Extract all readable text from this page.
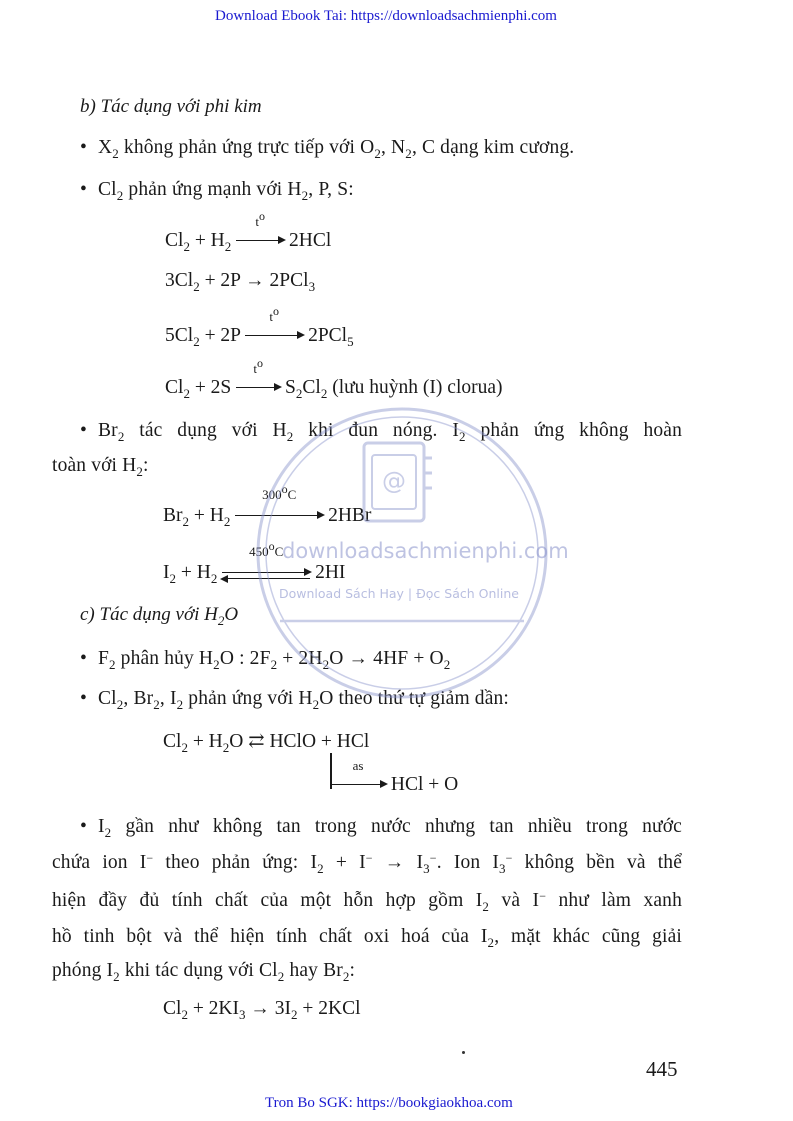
Download Ebook Tai: https://downloadsachmienphi.com
Tron Bo SGK: https://bookgiaokhoa.com
b) Tác dụng với phi kim
• $X_2$ không phản ứng trực tiếp với $O_2$, $N_2$, C dạng kim cương.
• $Cl_2$ phản ứng mạnh với $H_2$, P, S:
$Cl_2 + H_2$
$t^o$
2HCl
$3Cl_2 + 2P \to 2PCl_3$
$5Cl_2 + 2P$
$t^o$
2PCl$_5$
$Cl_2 + 2S$
$t^o$
$S_2Cl_2$ (lưu huỳnh (I) clorua)
• $Br_2$ tác dụng với $H_2$ khi đun nóng. $I_2$ phản ứng không hoàn
toàn với $H_2$:
$Br_2 + H_2$
300$^o$C
2HBr
$I_2 + H_2$
450$^o$C
2HI
c) Tác dụng với $H_2O$
• $F_2$ phân hủy $H_2O$ : $2F_2 + 2H_2O \to 4HF + O_2$
• $Cl_2$, $Br_2$, $I_2$ phản ứng với $H_2O$ theo thứ tự giảm dần:
$Cl_2 + H_2O$ ⇄ HClO + HCl
as
HCl + O
• $I_2$ gần như không tan trong nước nhưng tan nhiều trong nước
chứa ion I− theo phản ứng: $I_2 + I^- \to I_3^-$. Ion $I_3^-$ không bền và thể
hiện đầy đủ tính chất của một hỗn hợp gồm $I_2$ và I− như làm xanh
hồ tinh bột và thể hiện tính chất oxi hoá của $I_2$, mặt khác cũng giải
phóng $I_2$ khi tác dụng với $Cl_2$ hay $Br_2$:
$Cl_2 + 2KI_3 \to 3I_2 + 2KCl$
445
@
downloadsachmienphi.com
Download Sách Hay | Đọc Sách Online
